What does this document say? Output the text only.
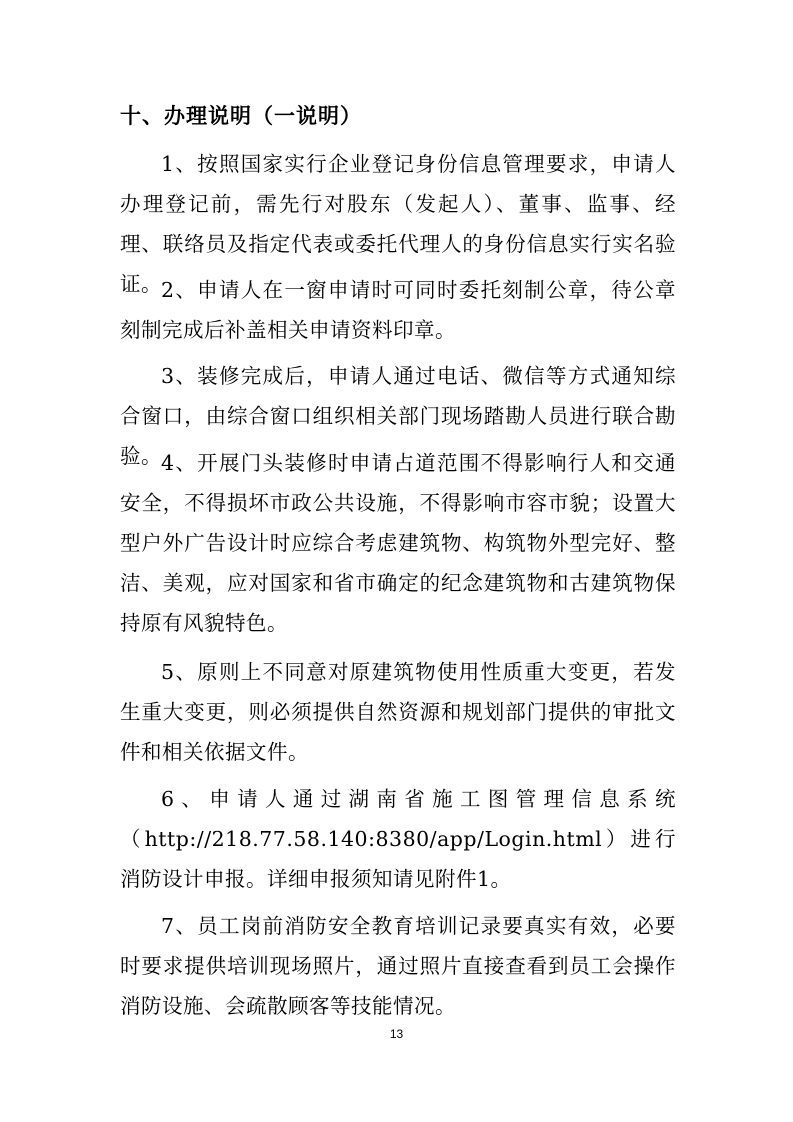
十、办理说明（一说明）

1、按照国家实行企业登记身份信息管理要求，申请人办理登记前，需先行对股东（发起人）、董事、监事、经理、联络员及指定代表或委托代理人的身份信息实行实名验证。 2、申请人在一窗申请时可同时委托刻制公章，待公章刻制完成后补盖相关申请资料印章。

3、装修完成后，申请人通过电话、微信等方式通知综合窗口，由综合窗口组织相关部门现场踏勘人员进行联合勘验。 4、开展门头装修时申请占道范围不得影响行人和交通安全，不得损坏市政公共设施，不得影响市容市貌；设置大型户外广告设计时应综合考虑建筑物、构筑物外型完好、整洁、美观，应对国家和省市确定的纪念建筑物和古建筑物保持原有风貌特色。

5、原则上不同意对原建筑物使用性质重大变更，若发生重大变更，则必须提供自然资源和规划部门提供的审批文件和相关依据文件。

6、申请人通过湖南省施工图管理信息系统（http://218.77.58.140:8380/app/Login.html）进行消防设计申报。详细申报须知请见附件1。

7、员工岗前消防安全教育培训记录要真实有效，必要时要求提供培训现场照片，通过照片直接查看到员工会操作消防设施、会疏散顾客等技能情况。

13
